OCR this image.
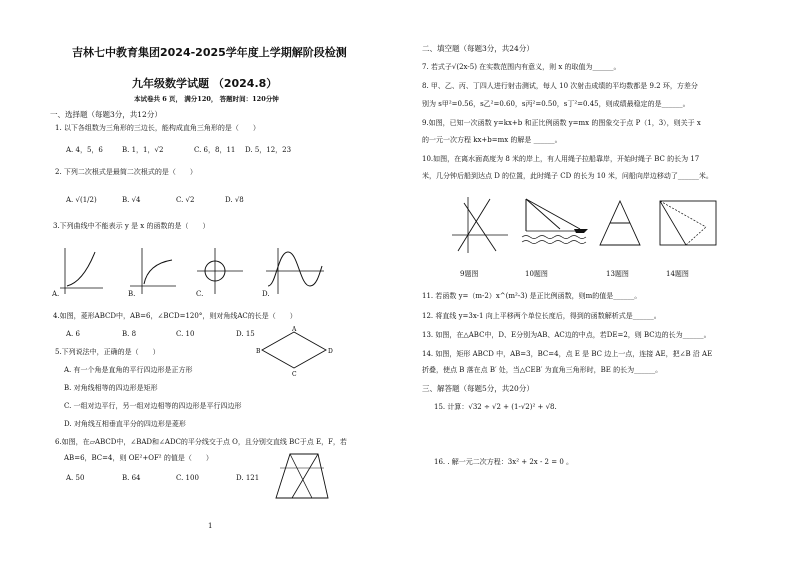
吉林七中教育集团2024-2025学年度上学期解阶段检测
九年级数学试题 （2024.8）
本试卷共 6 页， 满分120， 答题时间：120分钟
一、选择题（每题3分，共12分）
1. 以下各组数为三角形的三边长，能构成直角三角形的是（　　）
A. 4，5，6	B. 1，1，√2	C. 6，8，11 D. 5，12，23
2. 下列二次根式是最简二次根式的是（　　）
A. √(1/2)	B. √4	C. √2	D. √8
3.下列曲线中不能表示 y 是 x 的函数的是（　　）
A.	B.	C.	D.
4.如图，菱形ABCD中，AB=6，∠BCD=120°，则对角线AC的长是（　　）
A. 6	B. 8	C. 10	D. 15
A
B
C
D
5.下列说法中，正确的是（　　）
A. 有一个角是直角的平行四边形是正方形
B. 对角线相等的四边形是矩形
C. 一组对边平行，另一组对边相等的四边形是平行四边形
D. 对角线互相垂直平分的四边形是菱形
6.如图，在▱ABCD中，∠BAD和∠ADC的平分线交于点 O，且分别交直线 BC于点 E，F，若
AB=6，BC=4，则 OE²+OF² 的值是（　　）
A. 50	B. 64	C. 100	D. 121
1
二、填空题（每题3分，共24分）
7. 若式子√(2x-5) 在实数范围内有意义，则 x 的取值为______。
8. 甲、乙、丙、丁四人进行射击测试，每人 10 次射击成绩的平均数都是 9.2 环，方差分
别为 s甲²=0.56，s乙²=0.60，s丙²=0.50，s丁²=0.45，则成绩最稳定的是______。
9.如图，已知一次函数 y=kx+b 和正比例函数 y=mx 的图象交于点 P（1，3），则关于 x
的一元一次方程 kx+b=mx 的解是 ______。
10.如图，在离水面高度为 8 米的岸上，有人用绳子拉船靠岸，开始时绳子 BC 的长为 17
米，几分钟后船到达点 D 的位置，此时绳子 CD 的长为 10 米，问船向岸边移动了______米。
9题图	10题图	13题图	14题图
11. 若函数 y=（m-2）x^(m²-3) 是正比例函数，则m的值是______。
12. 将直线 y=3x-1 向上平移两个单位长度后，得到的函数解析式是______。
13. 如图，在△ABC中，D、E分别为AB、AC边的中点，若DE=2，则 BC边的长为______。
14. 如图，矩形 ABCD 中，AB=3，BC=4，点 E 是 BC 边上一点，连接 AE，把∠B 沿 AE
折叠，使点 B 落在点 B′ 处，当△CEB′ 为直角三角形时，BE 的长为______。
三、解答题（每题5分，共20分）
15. 计算：√32 ÷ √2 + (1-√2)² + √8.
16. . 解一元二次方程：3x² + 2x - 2 = 0 。
